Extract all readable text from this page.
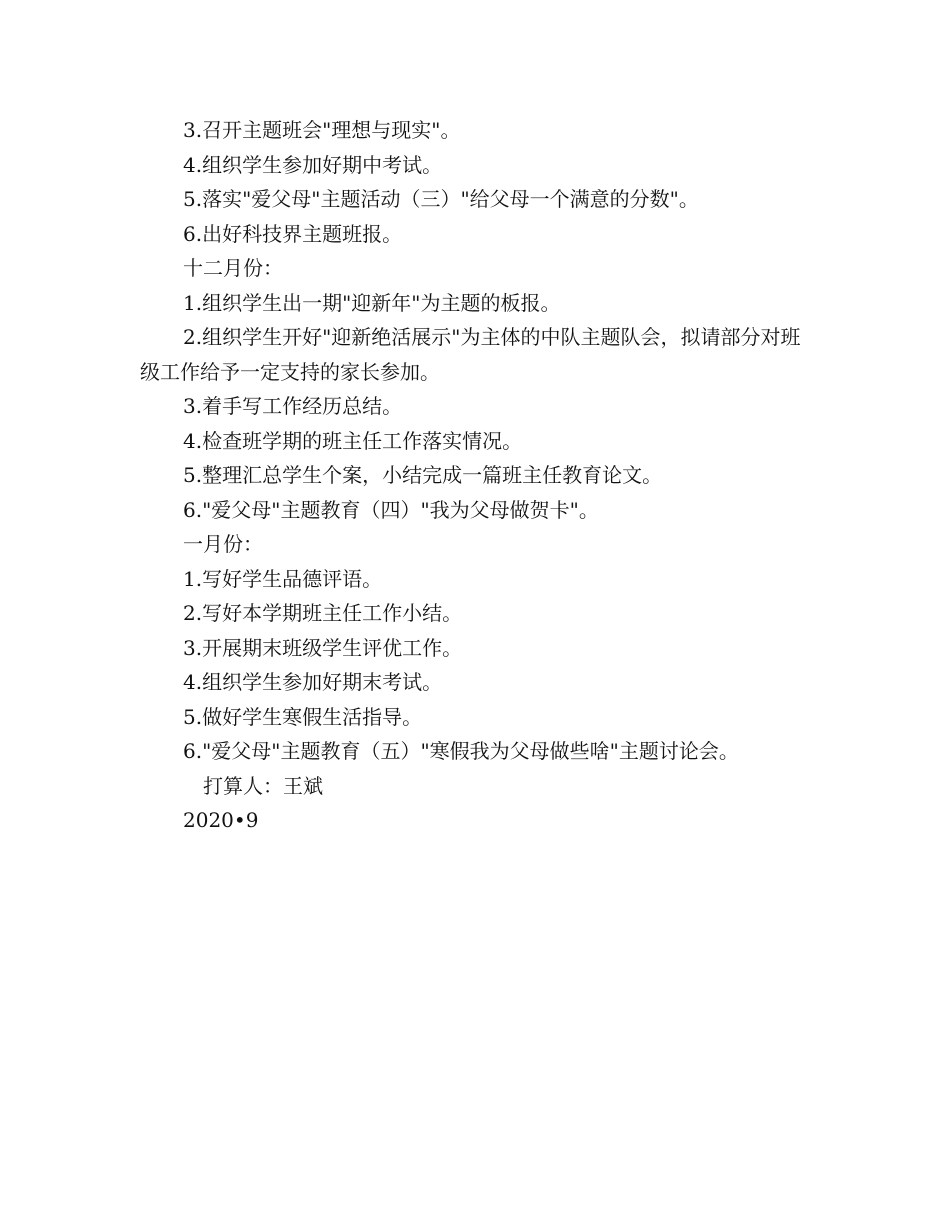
3.召开主题班会"理想与现实"。

4.组织学生参加好期中考试。

5.落实"爱父母"主题活动（三）"给父母一个满意的分数"。

6.出好科技界主题班报。

十二月份：

1.组织学生出一期"迎新年"为主题的板报。

2.组织学生开好"迎新绝活展示"为主体的中队主题队会，拟请部分对班级工作给予一定支持的家长参加。

3.着手写工作经历总结。

4.检查班学期的班主任工作落实情况。

5.整理汇总学生个案，小结完成一篇班主任教育论文。

6."爱父母"主题教育（四）"我为父母做贺卡"。

一月份：

1.写好学生品德评语。

2.写好本学期班主任工作小结。

3.开展期末班级学生评优工作。

4.组织学生参加好期末考试。

5.做好学生寒假生活指导。

6."爱父母"主题教育（五）"寒假我为父母做些啥"主题讨论会。

打算人：王斌

2020•9
